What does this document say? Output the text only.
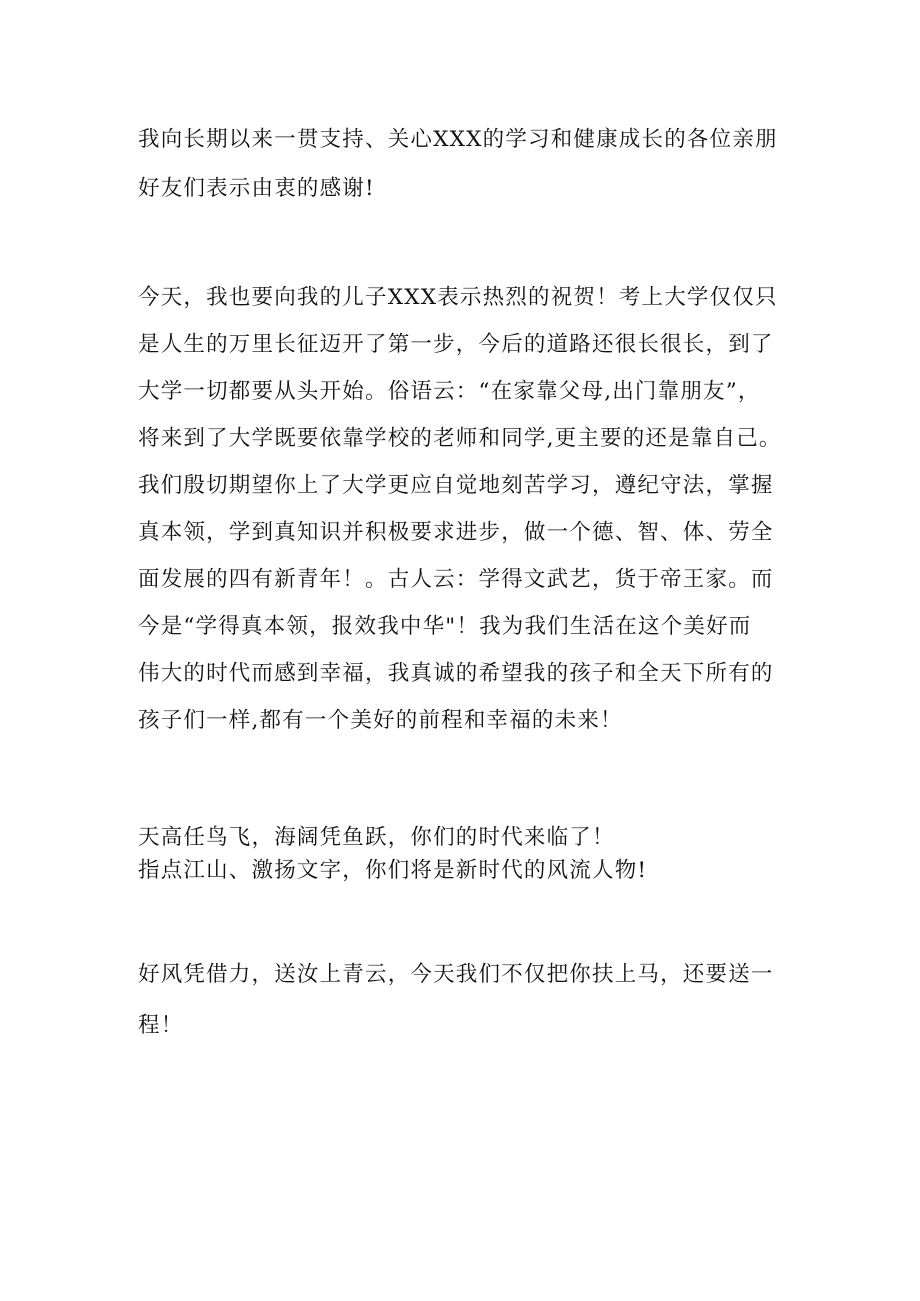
我向长期以来一贯支持、关心XXX的学习和健康成长的各位亲朋
好友们表示由衷的感谢!
今天，我也要向我的儿子XXX表示热烈的祝贺！考上大学仅仅只
是人生的万里长征迈开了第一步，今后的道路还很长很长，到了
大学一切都要从头开始。俗语云：“在家靠父母,出门靠朋友”，
将来到了大学既要依靠学校的老师和同学,更主要的还是靠自己。
我们殷切期望你上了大学更应自觉地刻苦学习，遵纪守法，掌握
真本领，学到真知识并积极要求进步，做一个德、智、体、劳全
面发展的四有新青年！。古人云：学得文武艺，货于帝王家。而
今是“学得真本领，报效我中华"！我为我们生活在这个美好而
伟大的时代而感到幸福，我真诚的希望我的孩子和全天下所有的
孩子们一样,都有一个美好的前程和幸福的未来！
天高任鸟飞，海阔凭鱼跃，你们的时代来临了！
指点江山、激扬文字，你们将是新时代的风流人物!
好风凭借力，送汝上青云，今天我们不仅把你扶上马，还要送一
程！
